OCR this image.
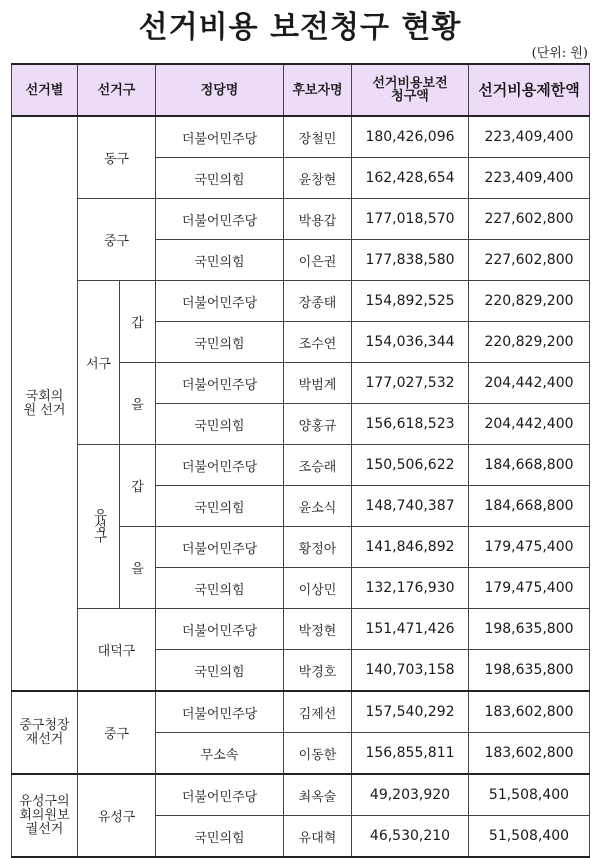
선거비용 보전청구 현황
(단위: 원)
선거별	선거구		정당명	후보자명	선거비용보전 청구액	선거비용제한액
국회의원 선거	동구		더불어민주당	장철민	180,426,096	223,409,400
			국민의힘	윤창현	162,428,654	223,409,400
	중구		더불어민주당	박용갑	177,018,570	227,602,800
			국민의힘	이은권	177,838,580	227,602,800
	서구	갑	더불어민주당	장종태	154,892,525	220,829,200
			국민의힘	조수연	154,036,344	220,829,200
		을	더불어민주당	박범계	177,027,532	204,442,400
			국민의힘	양홍규	156,618,523	204,442,400
	유성구	갑	더불어민주당	조승래	150,506,622	184,668,800
			국민의힘	윤소식	148,740,387	184,668,800
		을	더불어민주당	황정아	141,846,892	179,475,400
			국민의힘	이상민	132,176,930	179,475,400
	대덕구		더불어민주당	박정현	151,471,426	198,635,800
			국민의힘	박경호	140,703,158	198,635,800
중구청장 재선거	중구		더불어민주당	김제선	157,540,292	183,602,800
			무소속	이동한	156,855,811	183,602,800
유성구의 회의원보 궐선거	유성구		더불어민주당	최옥술	49,203,920	51,508,400
			국민의힘	유대혁	46,530,210	51,508,400
